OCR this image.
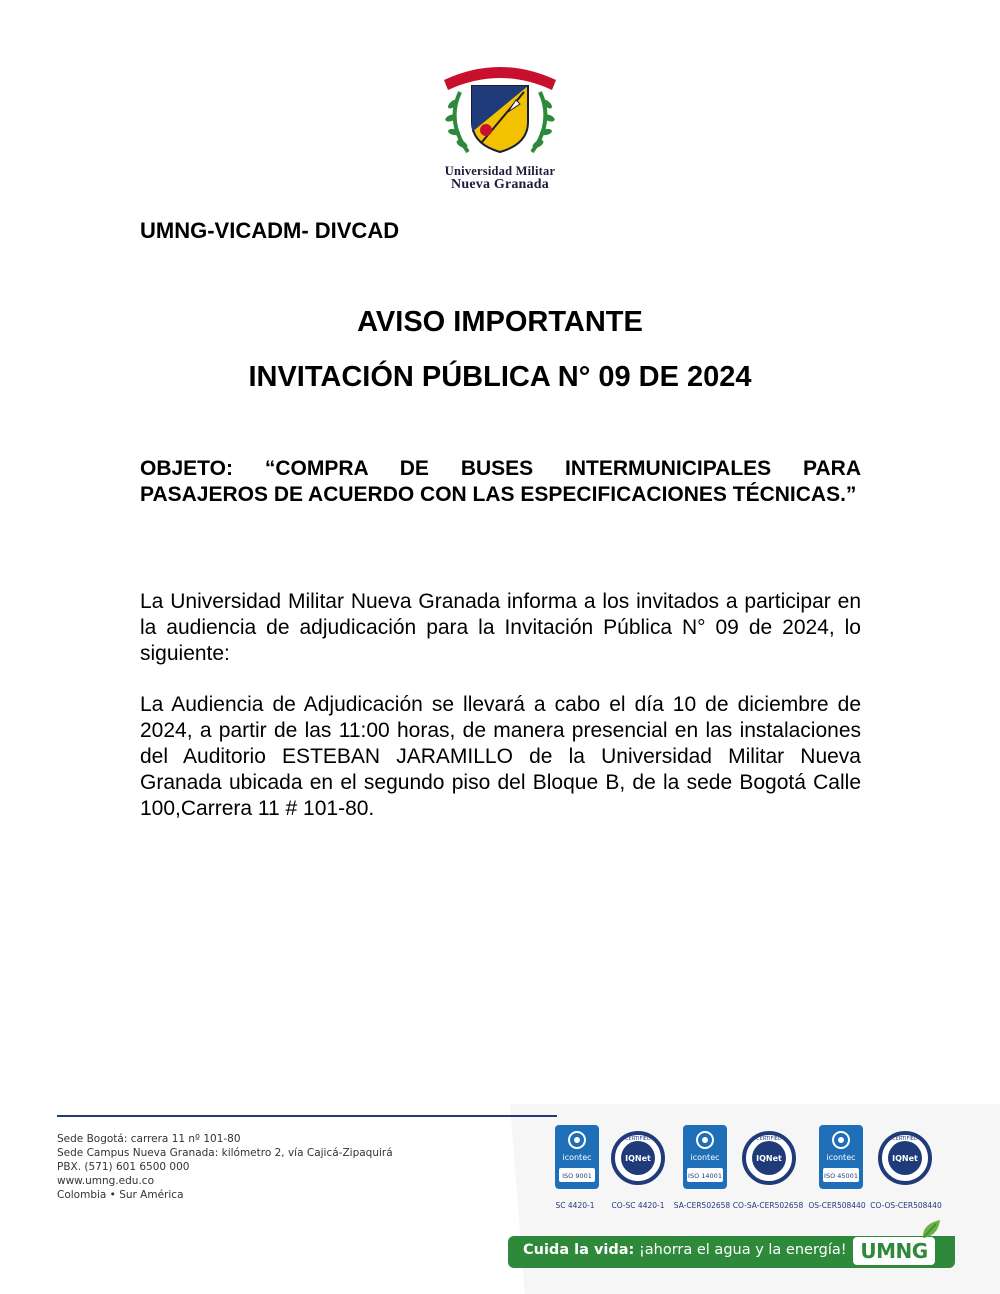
Universidad Militar
Nueva Granada
UMNG-VICADM- DIVCAD
AVISO IMPORTANTE
INVITACIÓN PÚBLICA N° 09 DE 2024
OBJETO: “COMPRA DE BUSES INTERMUNICIPALES PARA PASAJEROS DE ACUERDO CON LAS ESPECIFICACIONES TÉCNICAS.”
La Universidad Militar Nueva Granada informa a los invitados a participar en la audiencia de adjudicación para la Invitación Pública N° 09 de 2024, lo siguiente:
La Audiencia de Adjudicación se llevará a cabo el día 10 de diciembre de 2024, a partir de las 11:00 horas, de manera presencial en las instalaciones del Auditorio ESTEBAN JARAMILLO de la Universidad Militar Nueva Granada ubicada en el segundo piso del Bloque B, de la sede Bogotá Calle 100,Carrera 11 # 101-80.
Sede Bogotá: carrera 11 nº 101-80
Sede Campus Nueva Granada: kilómetro 2, vía Cajicá-Zipaquirá
PBX. (571) 601 6500 000
www.umng.edu.co
Colombia • Sur América
icontec
ISO 9001
CERTIFIED
IQNet	icontec
ISO 14001
CERTIFIED
IQNet	icontec
ISO 45001
CERTIFIED
IQNet
SC 4420-1	CO-SC 4420-1	SA-CER502658 CO-SA-CER502658 OS-CER508440 CO-OS-CER508440
Cuida la vida: ¡ahorra el agua y la energía! UMNG
